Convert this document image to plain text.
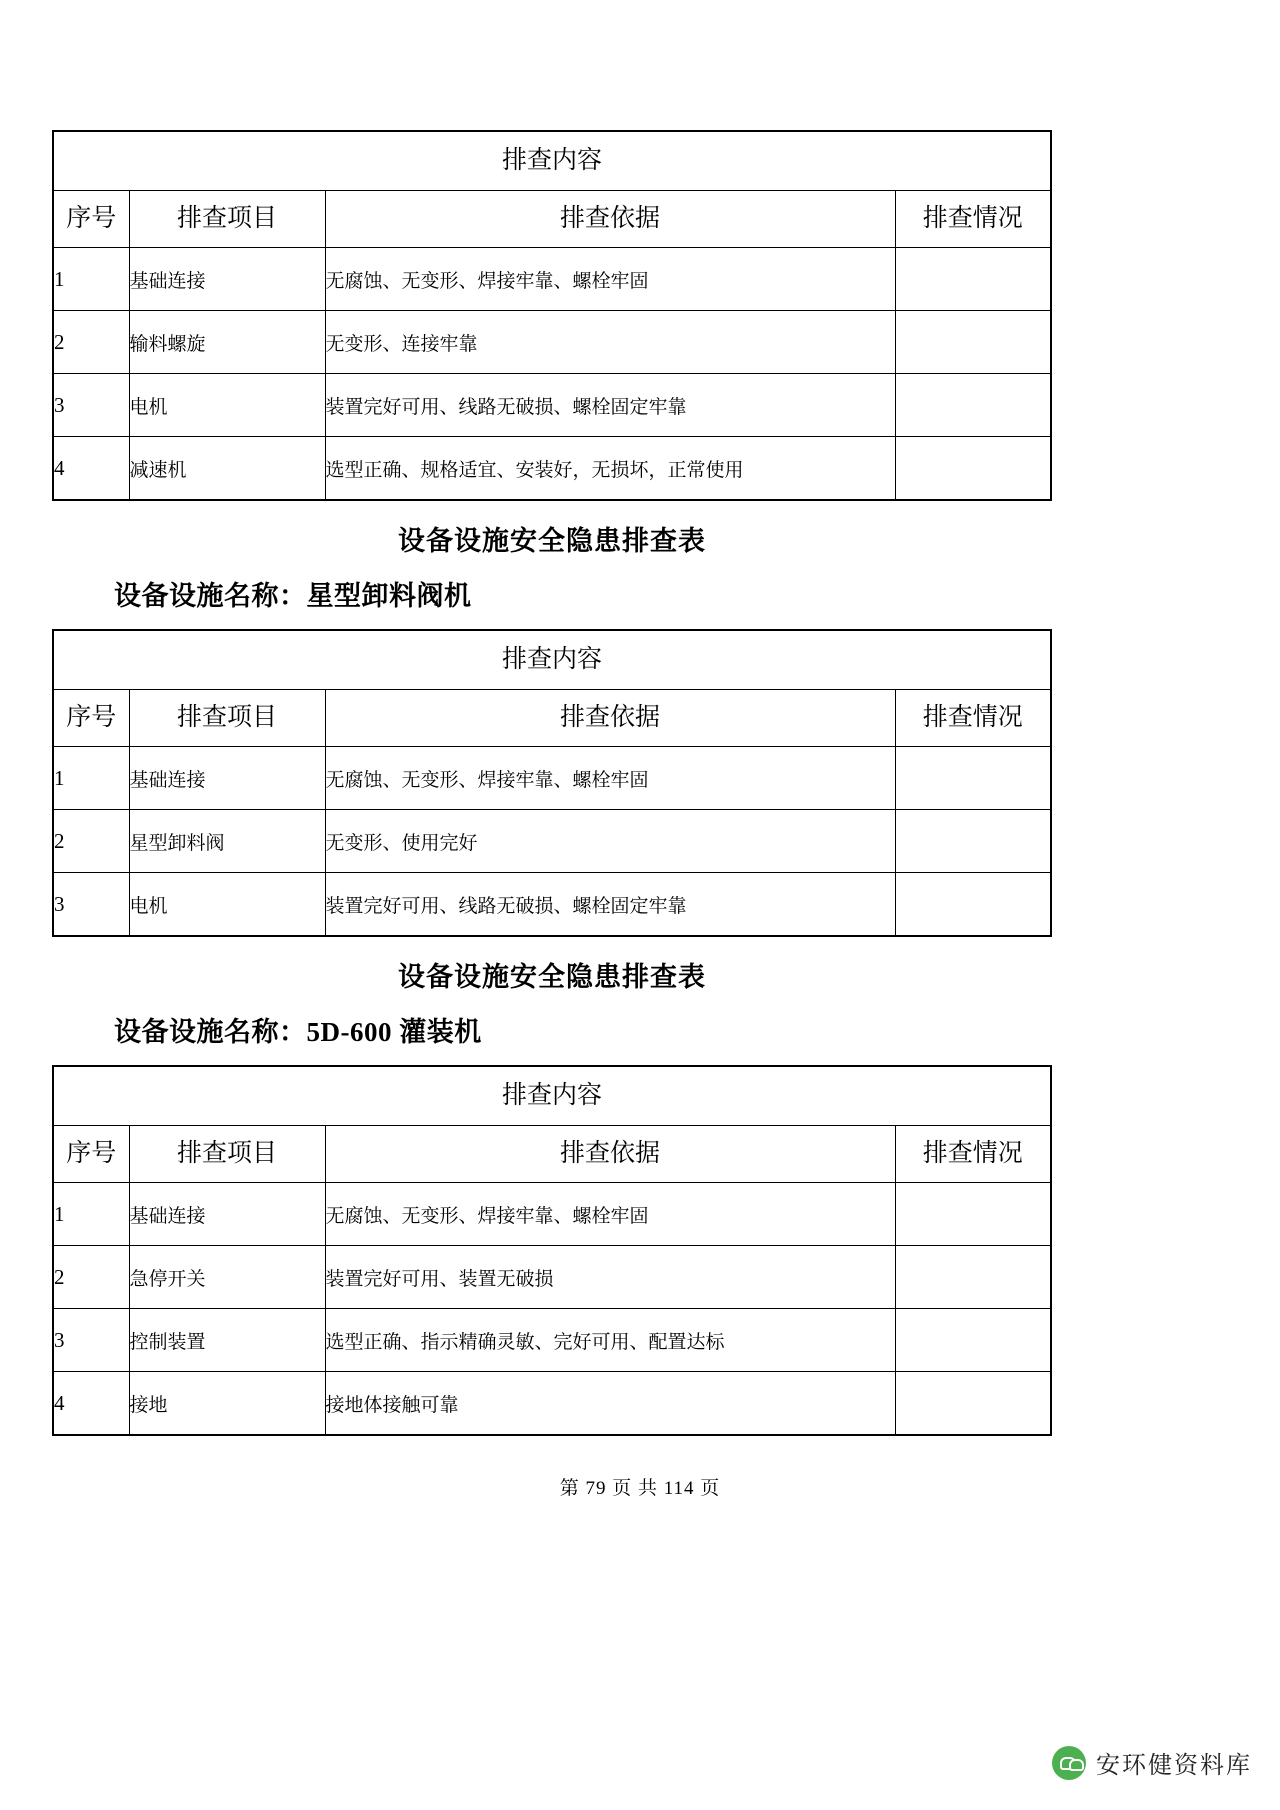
排查内容			
序号	排查项目	排查依据	排查情况
1	基础连接	无腐蚀、无变形、焊接牢靠、螺栓牢固	
2	输料螺旋	无变形、连接牢靠	
3	电机	装置完好可用、线路无破损、螺栓固定牢靠	
4	减速机	选型正确、规格适宜、安装好，无损坏，正常使用	
设备设施安全隐患排查表
设备设施名称：星型卸料阀机
排查内容			
序号	排查项目	排查依据	排查情况
1	基础连接	无腐蚀、无变形、焊接牢靠、螺栓牢固	
2	星型卸料阀	无变形、使用完好	
3	电机	装置完好可用、线路无破损、螺栓固定牢靠	
设备设施安全隐患排查表
设备设施名称：5D-600 灌装机
排查内容			
序号	排查项目	排查依据	排查情况
1	基础连接	无腐蚀、无变形、焊接牢靠、螺栓牢固	
2	急停开关	装置完好可用、装置无破损	
3	控制装置	选型正确、指示精确灵敏、完好可用、配置达标	
4	接地	接地体接触可靠	
第 79 页 共 114 页
安环健资料库
